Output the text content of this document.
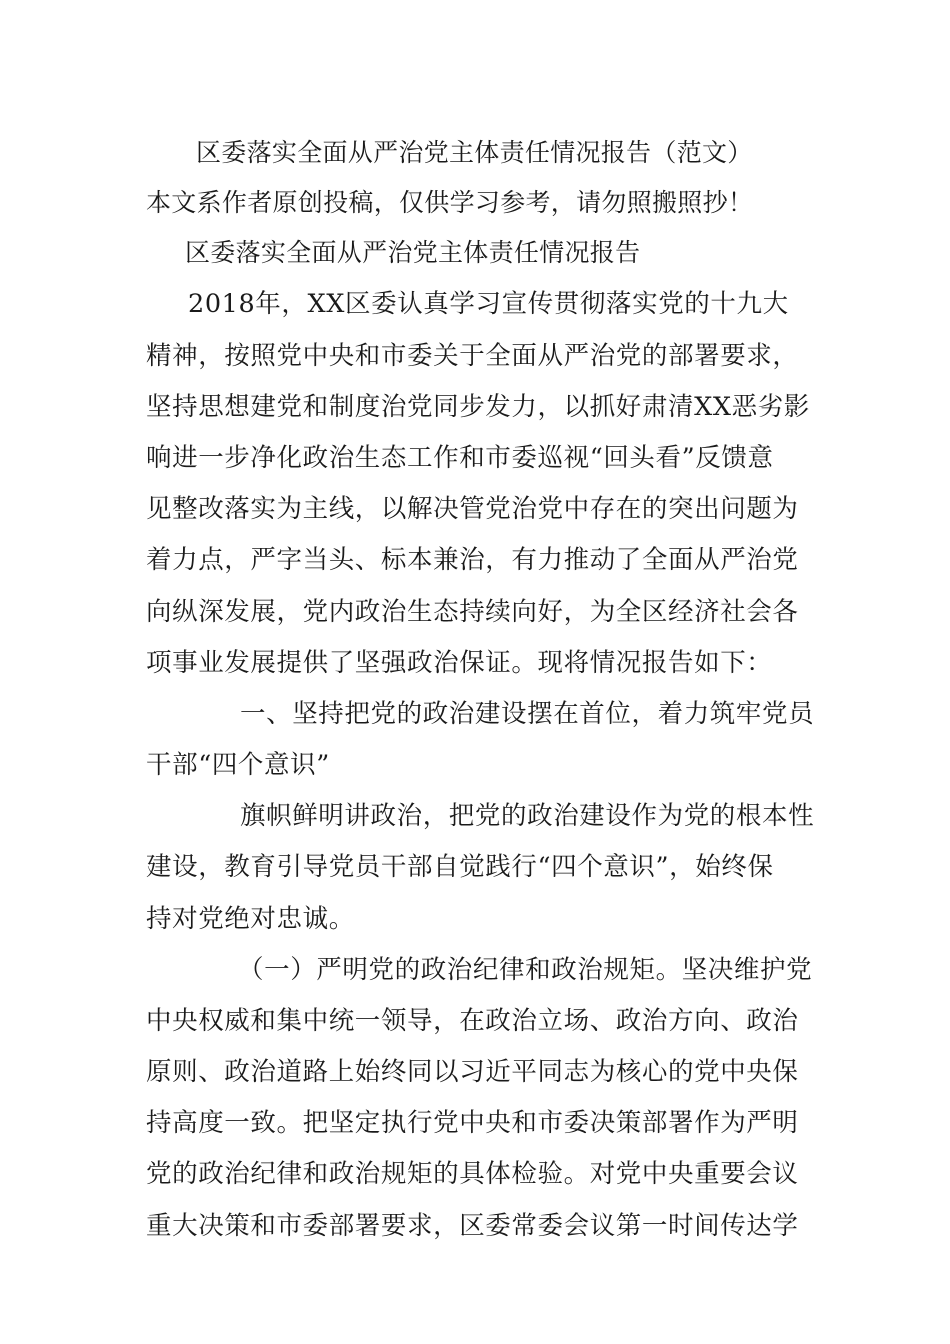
区委落实全面从严治党主体责任情况报告（范文）
本文系作者原创投稿，仅供学习参考，请勿照搬照抄！
区委落实全面从严治党主体责任情况报告
2018年，XX区委认真学习宣传贯彻落实党的十九大
精神，按照党中央和市委关于全面从严治党的部署要求，
坚持思想建党和制度治党同步发力，以抓好肃清XX恶劣影
响进一步净化政治生态工作和市委巡视“回头看”反馈意
见整改落实为主线，以解决管党治党中存在的突出问题为
着力点，严字当头、标本兼治，有力推动了全面从严治党
向纵深发展，党内政治生态持续向好，为全区经济社会各
项事业发展提供了坚强政治保证。现将情况报告如下：
一、坚持把党的政治建设摆在首位，着力筑牢党员
干部“四个意识”
旗帜鲜明讲政治，把党的政治建设作为党的根本性
建设，教育引导党员干部自觉践行“四个意识”，始终保
持对党绝对忠诚。
（一）严明党的政治纪律和政治规矩。坚决维护党
中央权威和集中统一领导，在政治立场、政治方向、政治
原则、政治道路上始终同以习近平同志为核心的党中央保
持高度一致。把坚定执行党中央和市委决策部署作为严明
党的政治纪律和政治规矩的具体检验。对党中央重要会议
重大决策和市委部署要求，区委常委会议第一时间传达学
